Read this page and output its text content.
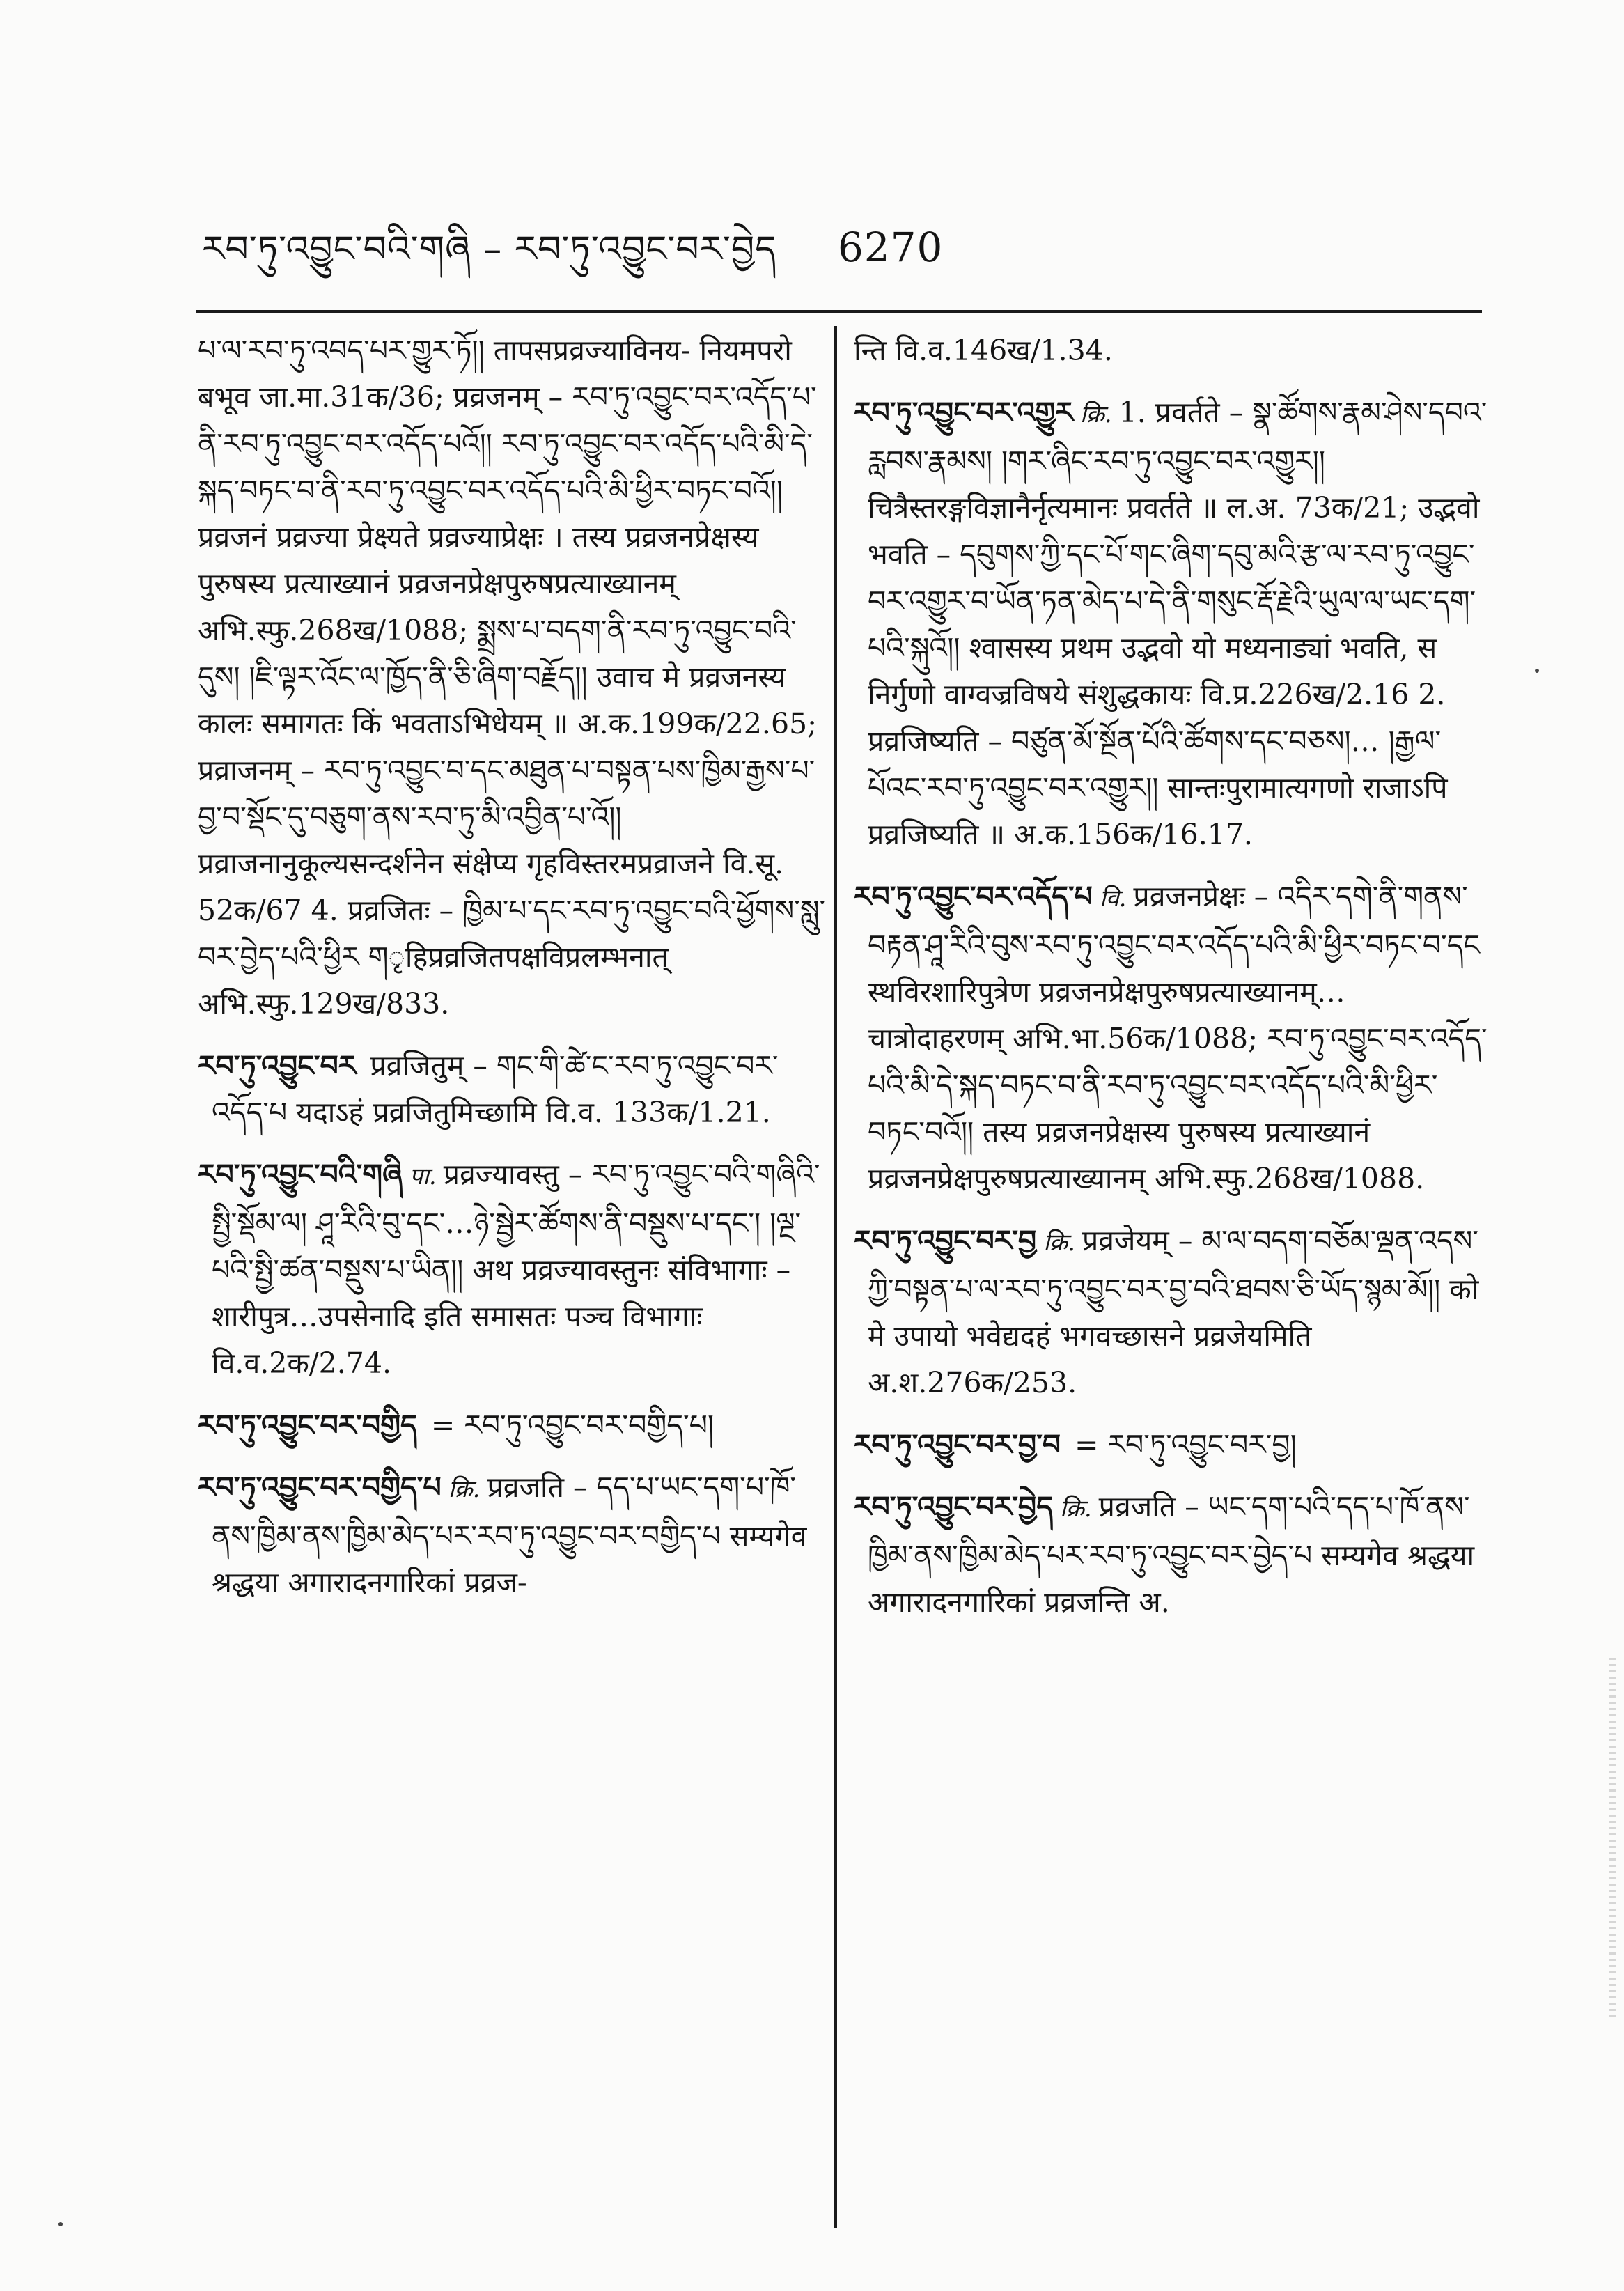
རབ་ཏུ་འབྱུང་བའི་གཞི – རབ་ཏུ་འབྱུང་བར་བྱེད 6270

པ་ལ་རབ་ཏུ་འབད་པར་གྱུར་ཏོ།། तापसप्रव्रज्याविनय- नियमपरो बभूव जा.मा.31क/36; प्रव्रजनम् – རབ་ཏུ་འབྱུང་བར་འདོད་པ་ནི་རབ་ཏུ་འབྱུང་བར་འདོད་པའོ།། རབ་ཏུ་འབྱུང་བར་འདོད་པའི་མི་དེ་སྐད་བཏང་བ་ནི་རབ་ཏུ་འབྱུང་བར་འདོད་པའི་མི་ཕྱིར་བཏང་བའོ།། प्रव्रजनं प्रव्रज्या प्रेक्ष्यते प्रव्रज्याप्रेक्षः । तस्य प्रव्रजनप्रेक्षस्य पुरुषस्य प्रत्याख्यानं प्रव्रजनप्रेक्षपुरुषप्रत्याख्यानम् अभि.स्फु.268ख/1088; སྨྲས་པ་བདག་ནི་རབ་ཏུ་འབྱུང་བའི་དུས། །ཇི་ལྟར་འོང་ལ་ཁྱོད་ནི་ཅི་ཞིག་བརྗོད།། उवाच मे प्रव्रजनस्य कालः समागतः किं भवताऽभिधेयम् ॥ अ.क.199क/22.65; प्रव्राजनम् – རབ་ཏུ་འབྱུང་བ་དང་མཐུན་པ་བསྟན་པས་ཁྱིམ་རྒྱས་པ་བྱ་བ་སྡོང་དུ་བཅུག་ནས་རབ་ཏུ་མི་འབྱིན་པ་འོ།། प्रव्राजनानुकूल्यसन्दर्शनेन संक्षेप्य गृहविस्तरमप्रव्राजने वि.सू. 52क/67 4. प्रव्रजितः – ཁྱིམ་པ་དང་རབ་ཏུ་འབྱུང་བའི་ཕྱོགས་སླུ་བར་བྱེད་པའི་ཕྱིར གृहिप्रव्रजितपक्षविप्रलम्भनात् अभि.स्फु.129ख/833.

རབ་ཏུ་འབྱུང་བར प्रव्रजितुम् – གང་གི་ཚེ་ང་རབ་ཏུ་འབྱུང་བར་འདོད་པ यदाऽहं प्रव्रजितुमिच्छामि वि.व. 133क/1.21.

རབ་ཏུ་འབྱུང་བའི་གཞི पा. प्रव्रज्यावस्तु – རབ་ཏུ་འབྱུང་བའི་གཞིའི་སྤྱི་སྡོམ་ལ། ཤཱ་རིའི་བུ་དང་…ཉེ་སྦྱེར་ཚོགས་ནི་བསྡུས་པ་དང་། །ལྔ་པའི་སྤྱི་ཚན་བསྡུས་པ་ཡིན།། अथ प्रव्रज्यावस्तुनः संविभागाः – शारीपुत्र…उपसेनादि इति समासतः पञ्च विभागाः वि.व.2क/2.74.

རབ་ཏུ་འབྱུང་བར་བགྱིད = རབ་ཏུ་འབྱུང་བར་བགྱིད་པ།

རབ་ཏུ་འབྱུང་བར་བགྱིད་པ क्रि. प्रव्रजति – དད་པ་ཡང་དག་པ་ཁོ་ནས་ཁྱིམ་ནས་ཁྱིམ་མེད་པར་རབ་ཏུ་འབྱུང་བར་བགྱིད་པ सम्यगेव श्रद्धया अगारादनगारिकां प्रव्रज-

न्ति वि.व.146ख/1.34.

རབ་ཏུ་འབྱུང་བར་འགྱུར क्रि. 1. प्रवर्तते – སྣ་ཚོགས་རྣམ་ཤེས་དབའ་རླབས་རྣམས། །གར་ཞིང་རབ་ཏུ་འབྱུང་བར་འགྱུར།། चित्रैस्तरङ्गविज्ञानैर्नृत्यमानः प्रवर्तते ॥ ल.अ. 73क/21; उद्भवो भवति – དབུགས་ཀྱི་དང་པོ་གང་ཞིག་དབུ་མའི་རྩ་ལ་རབ་ཏུ་འབྱུང་བར་འགྱུར་བ་ཡོན་ཏན་མེད་པ་དེ་ནི་གསུང་རྡོ་རྗེའི་ཡུལ་ལ་ཡང་དག་པའི་སྐུའོ།། श्वासस्य प्रथम उद्भवो यो मध्यनाड्यां भवति, स निर्गुणो वाग्वज्रविषये संशुद्धकायः वि.प्र.226ख/2.16 2. प्रव्रजिष्यति – བཙུན་མོ་སྔོན་པོའི་ཚོགས་དང་བཅས།… །རྒྱལ་པོའང་རབ་ཏུ་འབྱུང་བར་འགྱུར།། सान्तःपुरामात्यगणो राजाऽपि प्रव्रजिष्यति ॥ अ.क.156क/16.17.

རབ་ཏུ་འབྱུང་བར་འདོད་པ वि. प्रव्रजनप्रेक्षः – འདིར་དགེ་ནི་གནས་བརྟན་ཤཱ་རིའི་བུས་རབ་ཏུ་འབྱུང་བར་འདོད་པའི་མི་ཕྱིར་བཏང་བ་དང स्थविरशारिपुत्रेण प्रव्रजनप्रेक्षपुरुषप्रत्याख्यानम्… चात्रोदाहरणम् अभि.भा.56क/1088; རབ་ཏུ་འབྱུང་བར་འདོད་པའི་མི་དེ་སྐད་བཏང་བ་ནི་རབ་ཏུ་འབྱུང་བར་འདོད་པའི་མི་ཕྱིར་བཏང་བའོ།། तस्य प्रव्रजनप्रेक्षस्य पुरुषस्य प्रत्याख्यानं प्रव्रजनप्रेक्षपुरुषप्रत्याख्यानम् अभि.स्फु.268ख/1088.

རབ་ཏུ་འབྱུང་བར་བྱ क्रि. प्रव्रजेयम् – མ་ལ་བདག་བཅོམ་ལྡན་འདས་ཀྱི་བསྟན་པ་ལ་རབ་ཏུ་འབྱུང་བར་བྱ་བའི་ཐབས་ཅི་ཡོད་སྙམ་མོ།། को मे उपायो भवेद्यदहं भगवच्छासने प्रव्रजेयमिति अ.श.276क/253.

རབ་ཏུ་འབྱུང་བར་བྱ་བ = རབ་ཏུ་འབྱུང་བར་བྱ།

རབ་ཏུ་འབྱུང་བར་བྱེད क्रि. प्रव्रजति – ཡང་དག་པའི་དད་པ་ཁོ་ནས་ཁྱིམ་ནས་ཁྱིམ་མེད་པར་རབ་ཏུ་འབྱུང་བར་བྱེད་པ सम्यगेव श्रद्धया अगारादनगारिकां प्रव्रजन्ति अ.
